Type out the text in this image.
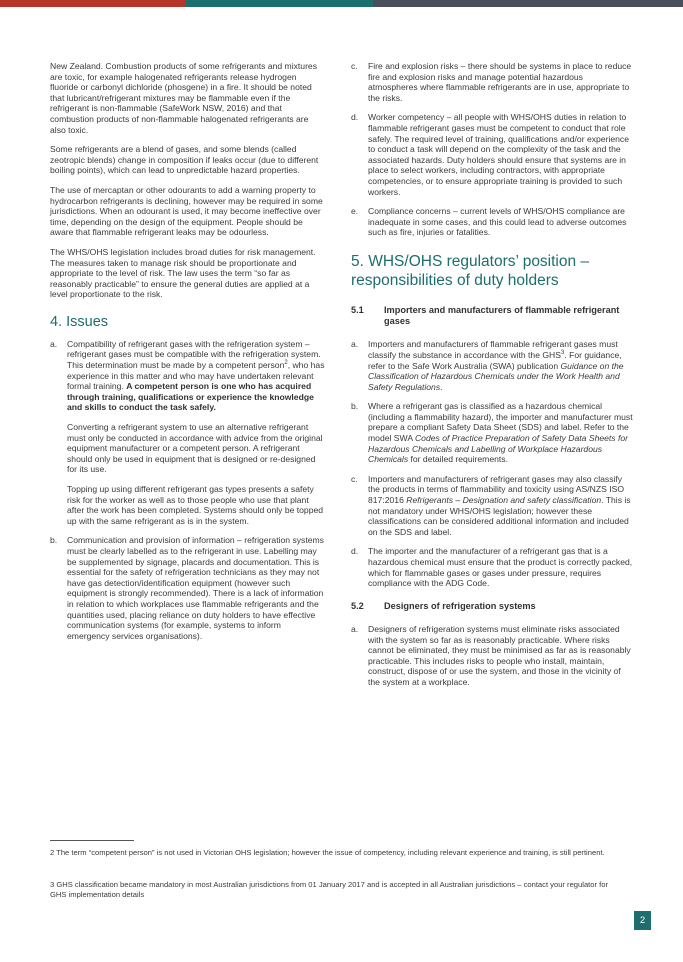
New Zealand. Combustion products of some refrigerants and mixtures are toxic, for example halogenated refrigerants release hydrogen fluoride or carbonyl dichloride (phosgene) in a fire. It should be noted that lubricant/refrigerant mixtures may be flammable even if the refrigerant is non-flammable (SafeWork NSW, 2016) and that combustion products of non-flammable halogenated refrigerants are also toxic.

Some refrigerants are a blend of gases, and some blends (called zeotropic blends) change in composition if leaks occur (due to different boiling points), which can lead to unpredictable hazard properties.

The use of mercaptan or other odourants to add a warning property to hydrocarbon refrigerants is declining, however may be required in some jurisdictions. When an odourant is used, it may become ineffective over time, depending on the design of the equipment. People should be aware that flammable refrigerant leaks may be odourless.

The WHS/OHS legislation includes broad duties for risk management. The measures taken to manage risk should be proportionate and appropriate to the level of risk. The law uses the term “so far as reasonably practicable” to ensure the general duties are applied at a level proportionate to the risk.

4. Issues
a.	Compatibility of refrigerant gases with the refrigeration system – refrigerant gases must be compatible with the refrigeration system. This determination must be made by a competent person$^2$, who has experience in this matter and who may have undertaken relevant formal training. A competent person is one who has acquired through training, qualifications or experience the knowledge and skills to conduct the task safely.

Converting a refrigerant system to use an alternative refrigerant must only be conducted in accordance with advice from the original equipment manufacturer or a competent person. A refrigerant should only be used in equipment that is designed or re-designed for its use.

Topping up using different refrigerant gas types presents a safety risk for the worker as well as to those people who use that plant after the work has been completed. Systems should only be topped up with the same refrigerant as is in the system.

b.	Communication and provision of information – refrigeration systems must be clearly labelled as to the refrigerant in use. Labelling may be supplemented by signage, placards and documentation. This is essential for the safety of refrigeration technicians as they may not have gas detection/identification equipment (however such equipment is strongly recommended). There is a lack of information in relation to which workplaces use flammable refrigerants and the quantities used, placing reliance on duty holders to have effective communication systems (for example, systems to inform emergency services organisations).

c.	Fire and explosion risks – there should be systems in place to reduce fire and explosion risks and manage potential hazardous atmospheres where flammable refrigerants are in use, appropriate to the risks.

d.	Worker competency – all people with WHS/OHS duties in relation to flammable refrigerant gases must be competent to conduct that role safely. The required level of training, qualifications and/or experience to conduct a task will depend on the complexity of the task and the associated hazards. Duty holders should ensure that systems are in place to select workers, including contractors, with appropriate competencies, or to ensure appropriate training is provided to such workers.

e.	Compliance concerns – current levels of WHS/OHS compliance are inadequate in some cases, and this could lead to adverse outcomes such as fire, injuries or fatalities.

5. WHS/OHS regulators’ position – responsibilities of duty holders
5.1	Importers and manufacturers of flammable refrigerant gases
a.	Importers and manufacturers of flammable refrigerant gases must classify the substance in accordance with the GHS$^3$. For guidance, refer to the Safe Work Australia (SWA) publication Guidance on the Classification of Hazardous Chemicals under the Work Health and Safety Regulations.

b.	Where a refrigerant gas is classified as a hazardous chemical (including a flammability hazard), the importer and manufacturer must prepare a compliant Safety Data Sheet (SDS) and label. Refer to the model SWA Codes of Practice Preparation of Safety Data Sheets for Hazardous Chemicals and Labelling of Workplace Hazardous Chemicals for detailed requirements.

c.	Importers and manufacturers of refrigerant gases may also classify the products in terms of flammability and toxicity using AS/NZS ISO 817:2016 Refrigerants – Designation and safety classification. This is not mandatory under WHS/OHS legislation; however these classifications can be considered additional information and included on the SDS and label.

d.	The importer and the manufacturer of a refrigerant gas that is a hazardous chemical must ensure that the product is correctly packed, which for flammable gases or gases under pressure, requires compliance with the ADG Code.

5.2	Designers of refrigeration systems
a.	Designers of refrigeration systems must eliminate risks associated with the system so far as is reasonably practicable. Where risks cannot be eliminated, they must be minimised as far as is reasonably practicable. This includes risks to people who install, maintain, construct, dispose of or use the system, and those in the vicinity of the system at a workplace.

2 The term “competent person” is not used in Victorian OHS legislation; however the issue of competency, including relevant experience and training, is still pertinent.
3 GHS classification became mandatory in most Australian jurisdictions from 01 January 2017 and is accepted in all Australian jurisdictions – contact your regulator for GHS implementation details
2
